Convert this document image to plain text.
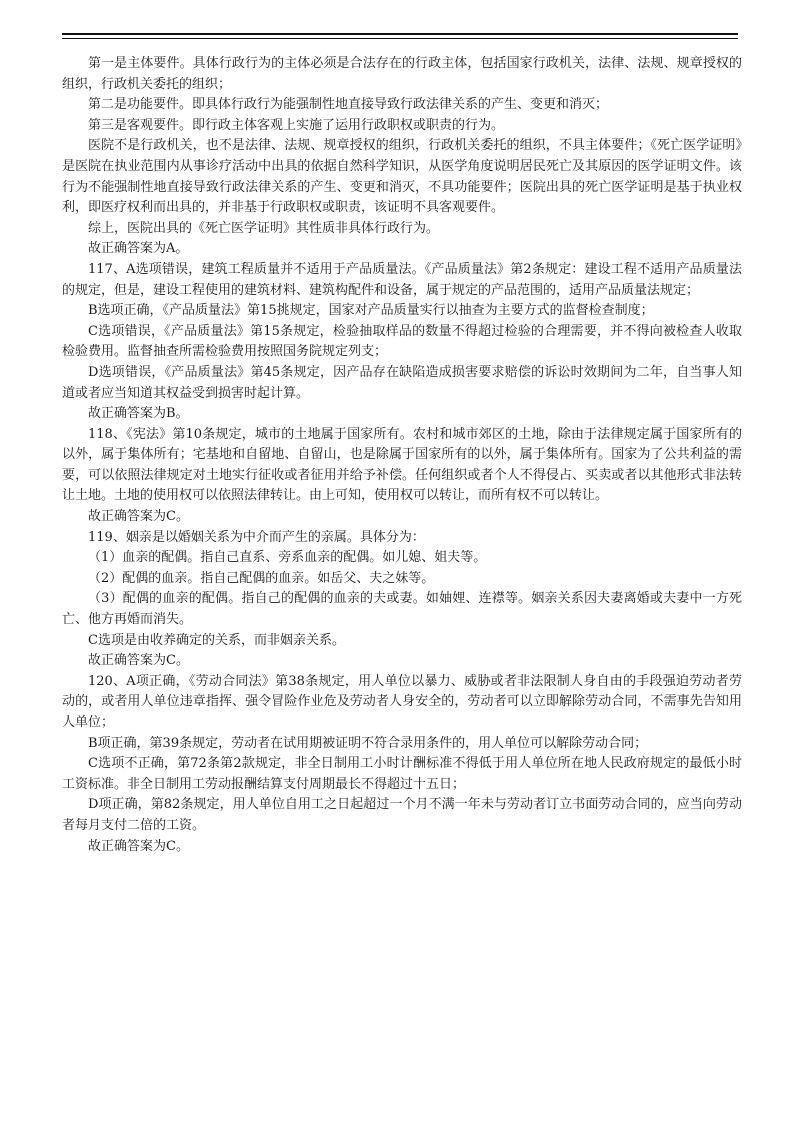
第一是主体要件。具体行政行为的主体必须是合法存在的行政主体，包括国家行政机关，法律、法规、规章授权的组织，行政机关委托的组织；

第二是功能要件。即具体行政行为能强制性地直接导致行政法律关系的产生、变更和消灭；

第三是客观要件。即行政主体客观上实施了运用行政职权或职责的行为。

医院不是行政机关，也不是法律、法规、规章授权的组织，行政机关委托的组织，不具主体要件；《死亡医学证明》是医院在执业范围内从事诊疗活动中出具的依据自然科学知识，从医学角度说明居民死亡及其原因的医学证明文件。该行为不能强制性地直接导致行政法律关系的产生、变更和消灭，不具功能要件；医院出具的死亡医学证明是基于执业权利，即医疗权利而出具的，并非基于行政职权或职责，该证明不具客观要件。

综上，医院出具的《死亡医学证明》其性质非具体行政行为。

故正确答案为A。

117、A选项错误，建筑工程质量并不适用于产品质量法。《产品质量法》第2条规定：建设工程不适用产品质量法的规定，但是，建设工程使用的建筑材料、建筑构配件和设备，属于规定的产品范围的，适用产品质量法规定；

B选项正确，《产品质量法》第15挑规定，国家对产品质量实行以抽查为主要方式的监督检查制度；

C选项错误，《产品质量法》第15条规定，检验抽取样品的数量不得超过检验的合理需要，并不得向被检查人收取检验费用。监督抽查所需检验费用按照国务院规定列支；

D选项错误，《产品质量法》第45条规定，因产品存在缺陷造成损害要求赔偿的诉讼时效期间为二年，自当事人知道或者应当知道其权益受到损害时起计算。

故正确答案为B。

118、《宪法》第10条规定，城市的土地属于国家所有。农村和城市郊区的土地，除由于法律规定属于国家所有的以外，属于集体所有；宅基地和自留地、自留山，也是除属于国家所有的以外，属于集体所有。国家为了公共利益的需要，可以依照法律规定对土地实行征收或者征用并给予补偿。任何组织或者个人不得侵占、买卖或者以其他形式非法转让土地。土地的使用权可以依照法律转让。由上可知，使用权可以转让，而所有权不可以转让。

故正确答案为C。

119、姻亲是以婚姻关系为中介而产生的亲属。具体分为：

（1）血亲的配偶。指自己直系、旁系血亲的配偶。如儿媳、姐夫等。

（2）配偶的血亲。指自己配偶的血亲。如岳父、夫之妹等。

（3）配偶的血亲的配偶。指自己的配偶的血亲的夫或妻。如妯娌、连襟等。姻亲关系因夫妻离婚或夫妻中一方死亡、他方再婚而消失。

C选项是由收养确定的关系，而非姻亲关系。

故正确答案为C。

120、A项正确，《劳动合同法》第38条规定，用人单位以暴力、威胁或者非法限制人身自由的手段强迫劳动者劳动的，或者用人单位违章指挥、强令冒险作业危及劳动者人身安全的，劳动者可以立即解除劳动合同，不需事先告知用人单位；

B项正确，第39条规定，劳动者在试用期被证明不符合录用条件的，用人单位可以解除劳动合同；

C选项不正确，第72条第2款规定，非全日制用工小时计酬标准不得低于用人单位所在地人民政府规定的最低小时工资标准。非全日制用工劳动报酬结算支付周期最长不得超过十五日；

D项正确，第82条规定，用人单位自用工之日起超过一个月不满一年未与劳动者订立书面劳动合同的，应当向劳动者每月支付二倍的工资。

故正确答案为C。
